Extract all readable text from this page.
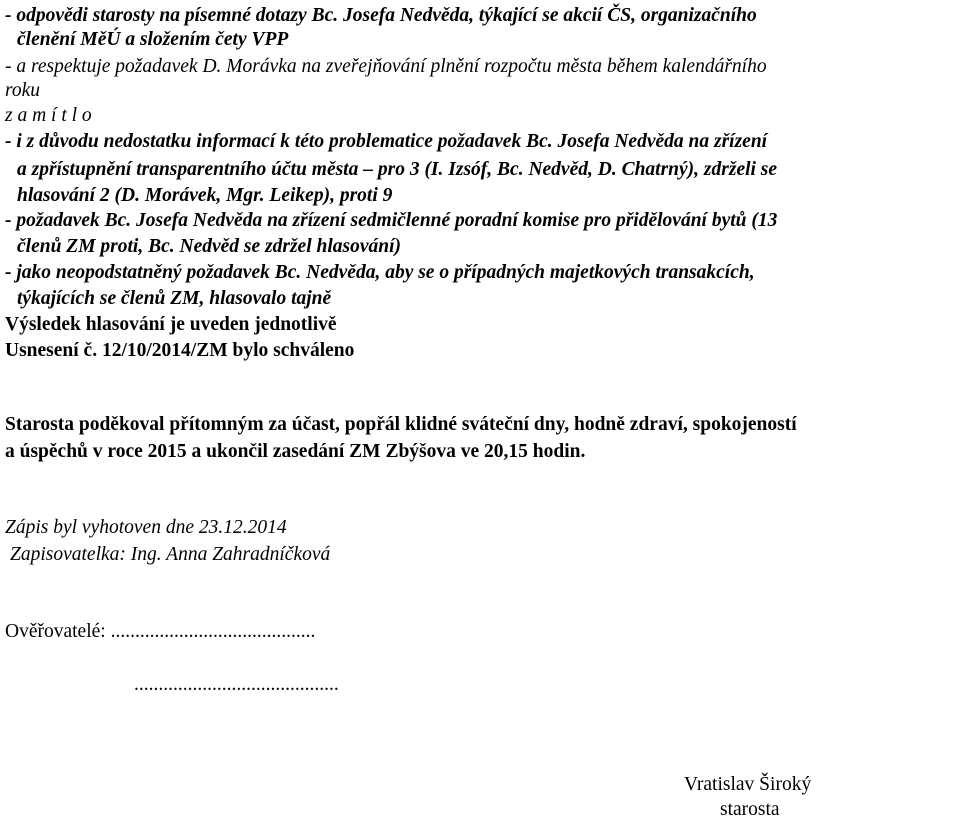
- odpovědi starosty na písemné dotazy Bc. Josefa Nedvěda, týkající se akcií ČS, organizačního
členění MěÚ a složením čety VPP
- a respektuje požadavek D. Morávka na zveřejňování plnění rozpočtu města během kalendářního
roku
z a m í t l o
- i z důvodu nedostatku informací k této problematice požadavek Bc. Josefa Nedvěda na zřízení
a zpřístupnění transparentního účtu města – pro 3 (I. Izsóf, Bc. Nedvěd, D. Chatrný), zdrželi se
hlasování 2 (D. Morávek, Mgr. Leikep), proti 9
- požadavek Bc. Josefa Nedvěda na zřízení sedmičlenné poradní komise pro přidělování bytů (13
členů ZM proti, Bc. Nedvěd se zdržel hlasování)
- jako neopodstatněný požadavek Bc. Nedvěda, aby se o případných majetkových transakcích,
týkajících se členů ZM, hlasovalo tajně
Výsledek hlasování je uveden jednotlivě
Usnesení č. 12/10/2014/ZM bylo schváleno
Starosta poděkoval přítomným za účast, popřál klidné sváteční dny, hodně zdraví, spokojeností
a úspěchů v roce 2015 a ukončil zasedání ZM Zbýšova ve 20,15 hodin.
Zápis byl vyhotoven dne 23.12.2014
Zapisovatelka: Ing. Anna Zahradníčková
Ověřovatelé: ..........................................
..........................................
Vratislav Široký
starosta
